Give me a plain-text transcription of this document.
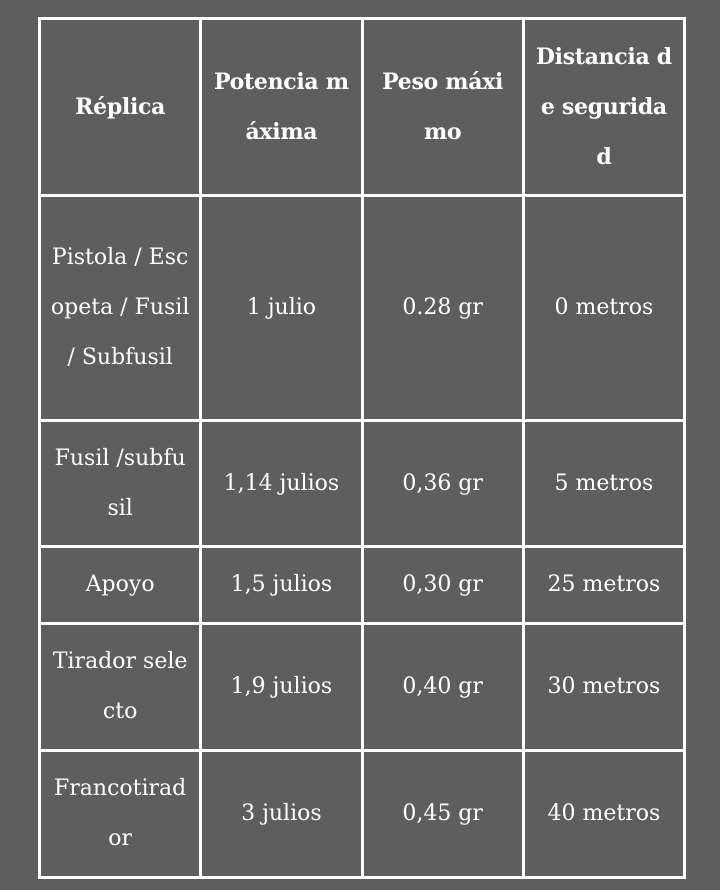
Réplica	Potencia máxima	Peso máximo	Distancia de seguridad
Pistola / Escopeta / Fusil / Subfusil	1 julio	0.28 gr	0 metros
Fusil /subfusil	1,14 julios	0,36 gr	5 metros
Apoyo	1,5 julios	0,30 gr	25 metros
Tirador selecto	1,9 julios	0,40 gr	30 metros
Francotirador	3 julios	0,45 gr	40 metros
